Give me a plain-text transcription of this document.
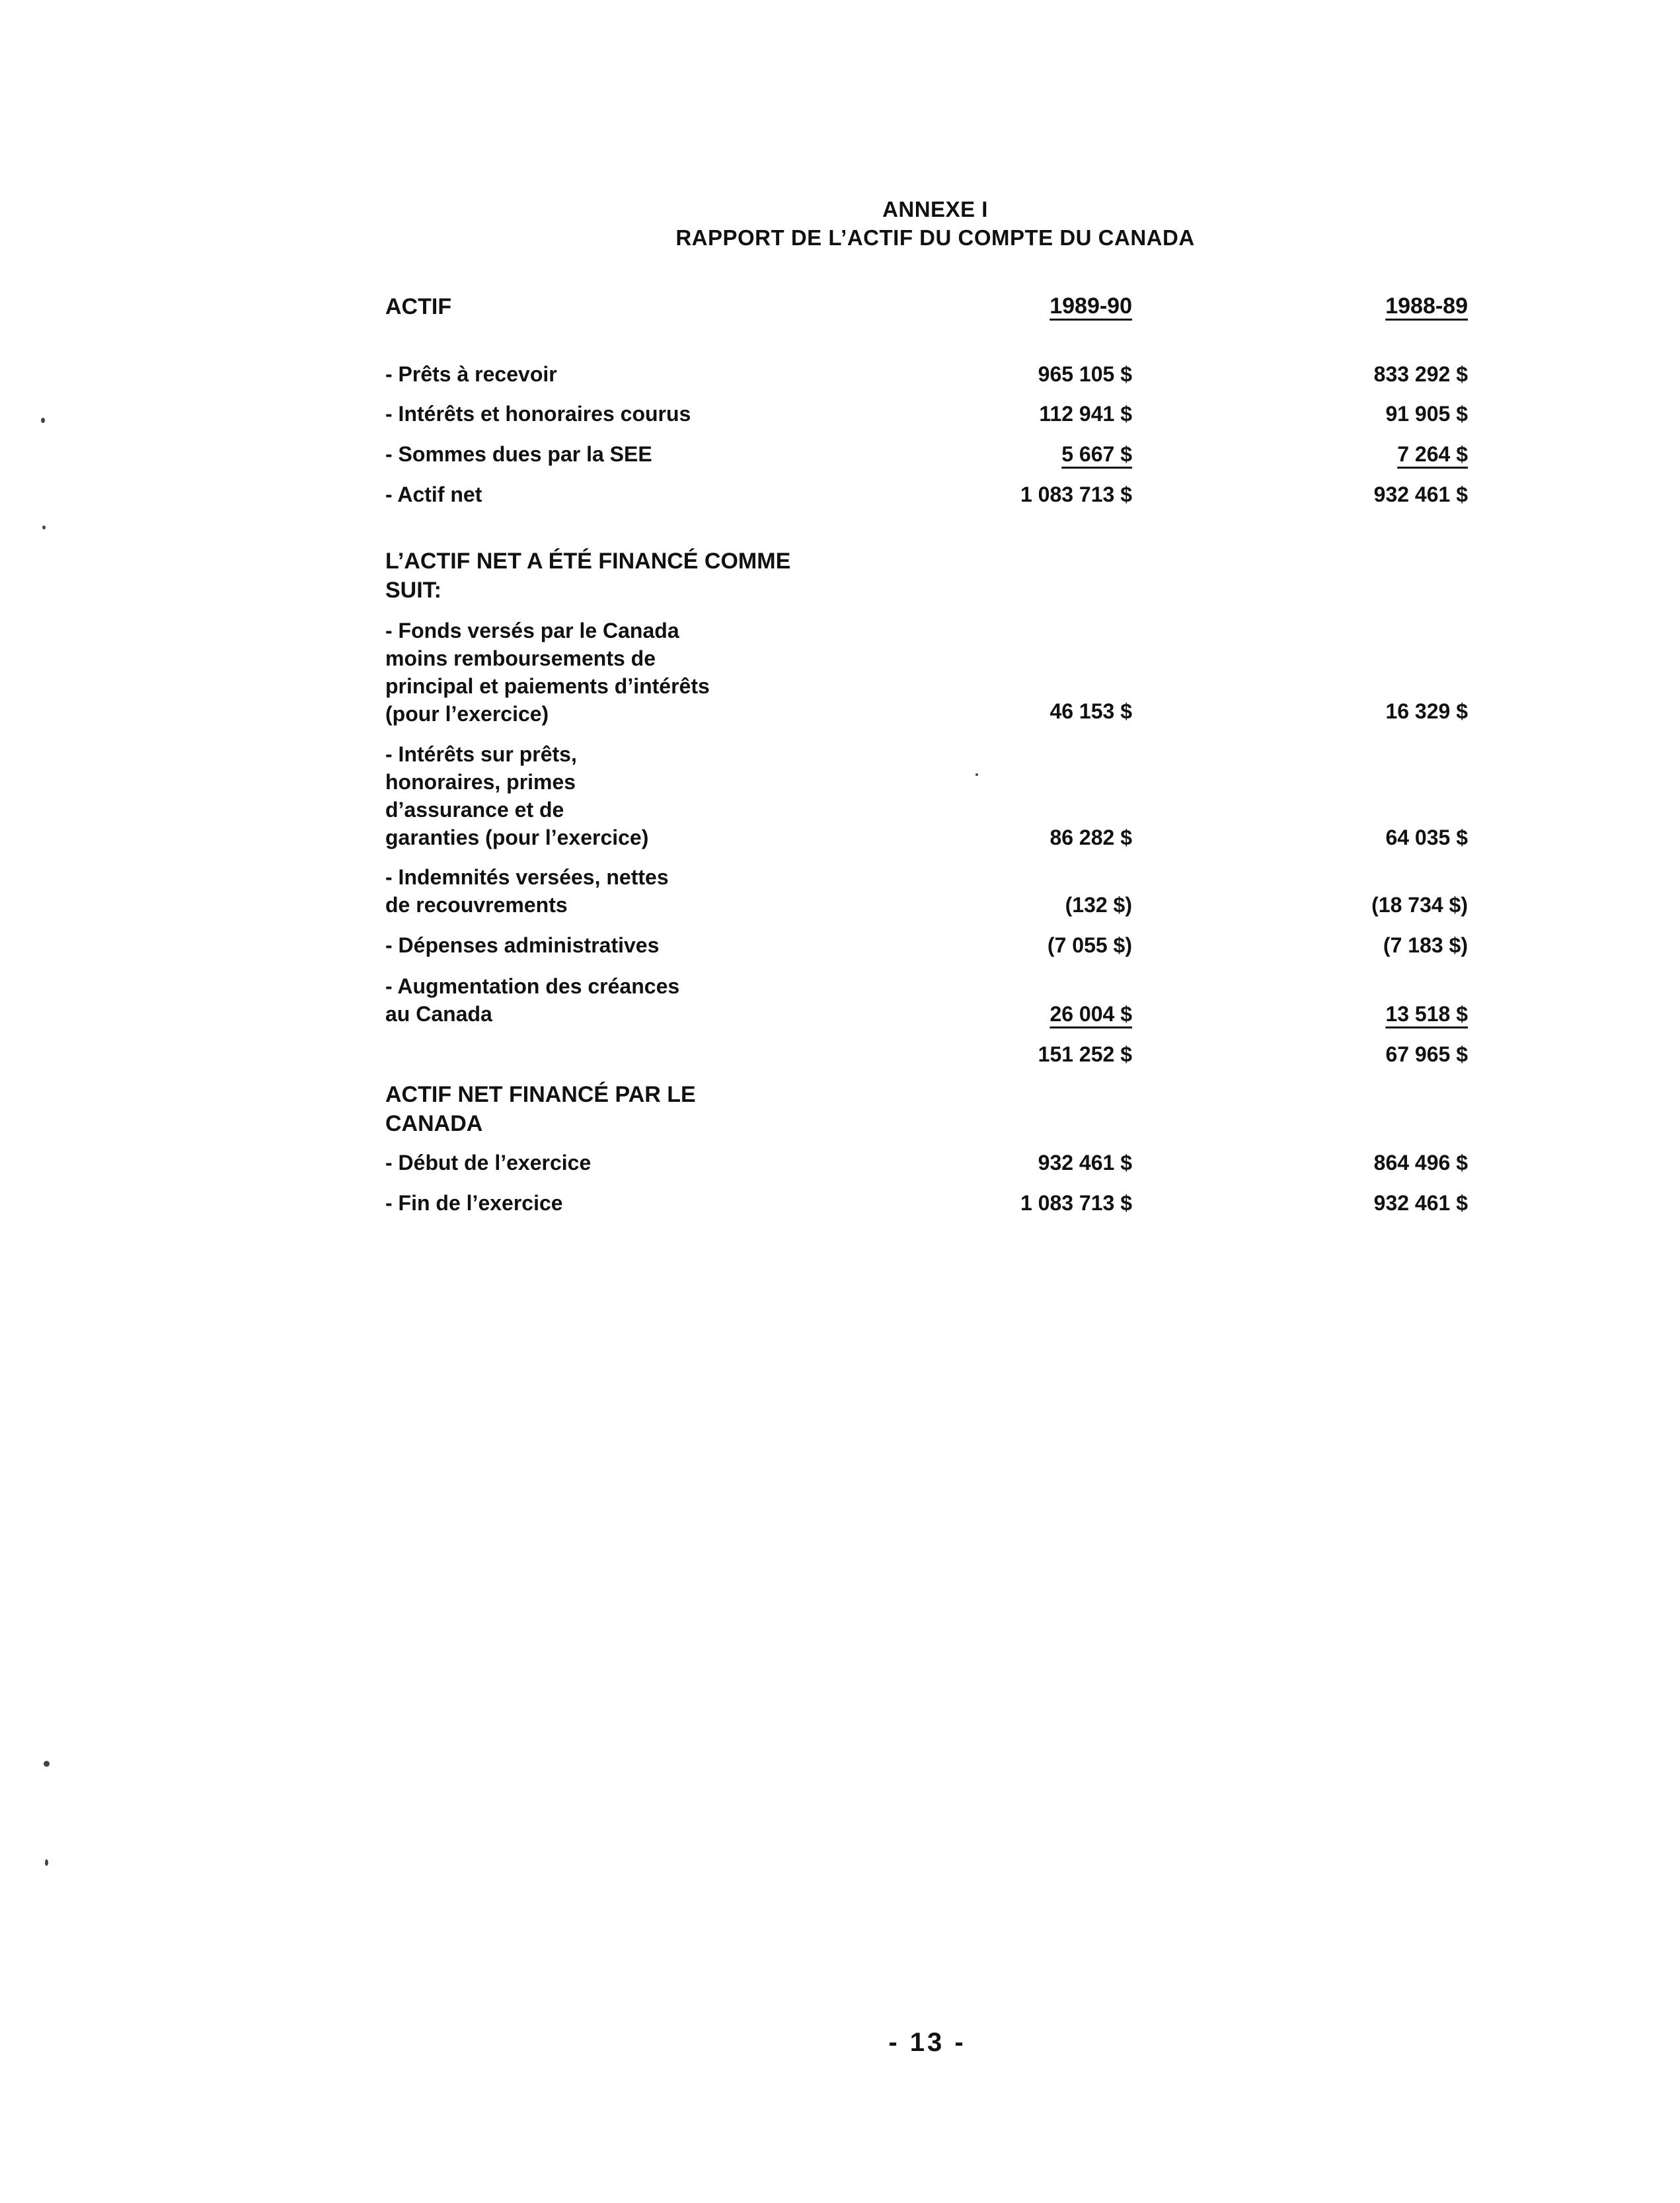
ANNEXE I
RAPPORT DE L’ACTIF DU COMPTE DU CANADA
ACTIF	1989-90	1988-89
- Prêts à recevoir	965 105 $	833 292 $
- Intérêts et honoraires courus	112 941 $	91 905 $
- Sommes dues par la SEE	5 667 $	7 264 $
- Actif net	1 083 713 $	932 461 $
L’ACTIF NET A ÉTÉ FINANCÉ COMME SUIT:
- Fonds versés par le Canada moins remboursements de principal et paiements d’intérêts (pour l’exercice)	46 153 $	16 329 $
- Intérêts sur prêts, honoraires, primes d’assurance et de garanties (pour l’exercice)	86 282 $	64 035 $
- Indemnités versées, nettes de recouvrements	(132 $)	(18 734 $)
- Dépenses administratives	(7 055 $)	(7 183 $)
- Augmentation des créances au Canada	26 004 $	13 518 $
151 252 $	67 965 $
ACTIF NET FINANCÉ PAR LE CANADA
- Début de l’exercice	932 461 $	864 496 $
- Fin de l’exercice	1 083 713 $	932 461 $
- 13 -
